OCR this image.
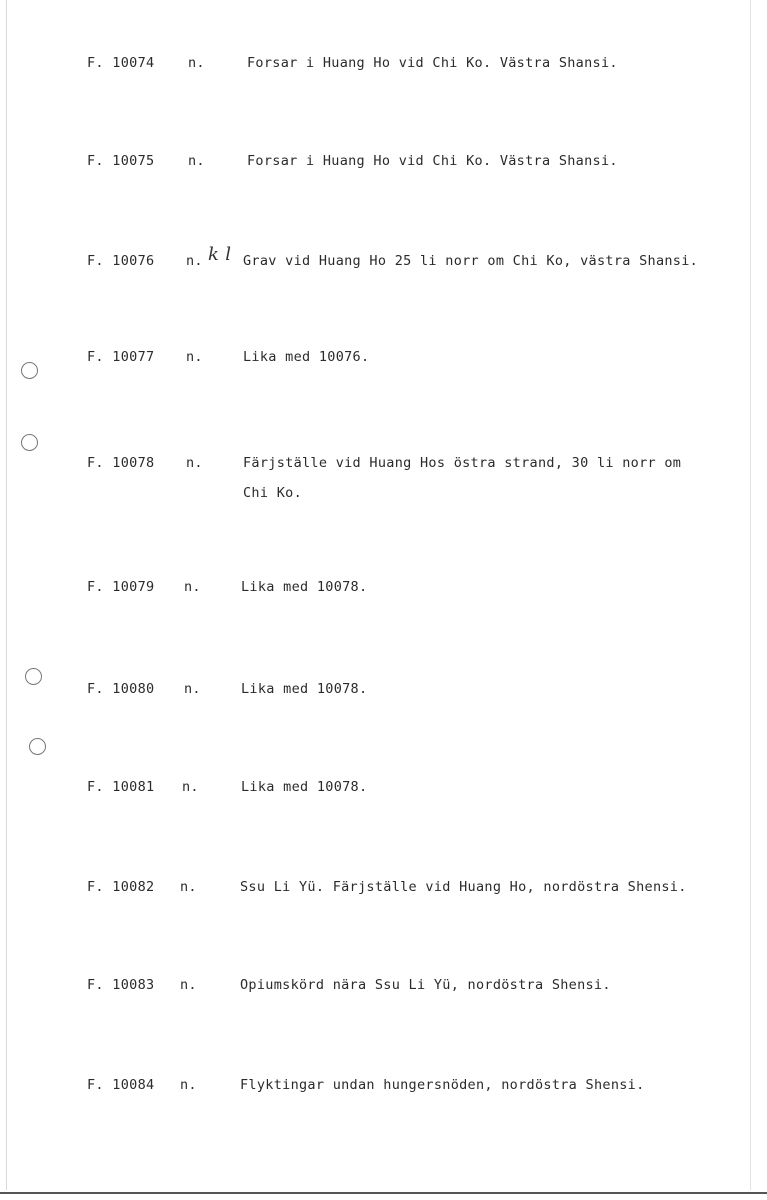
F. 10074 n.	Forsar i Huang Ho vid Chi Ko. Västra Shansi.
F. 10075 n.	Forsar i Huang Ho vid Chi Ko. Västra Shansi.
F. 10076 n. k l Grav vid Huang Ho 25 li norr om Chi Ko, västra Shansi.
F. 10077 n.	Lika med 10076.
F. 10078 n.	Färjställe vid Huang Hos östra strand, 30 li norr om Chi Ko.
F. 10079 n.	Lika med 10078.
F. 10080 n.	Lika med 10078.
F. 10081 n.	Lika med 10078.
F. 10082 n.	Ssu Li Yü. Färjställe vid Huang Ho, nordöstra Shensi.
F. 10083 n.	Opiumskörd nära Ssu Li Yü, nordöstra Shensi.
F. 10084 n.	Flyktingar undan hungersnöden, nordöstra Shensi.
